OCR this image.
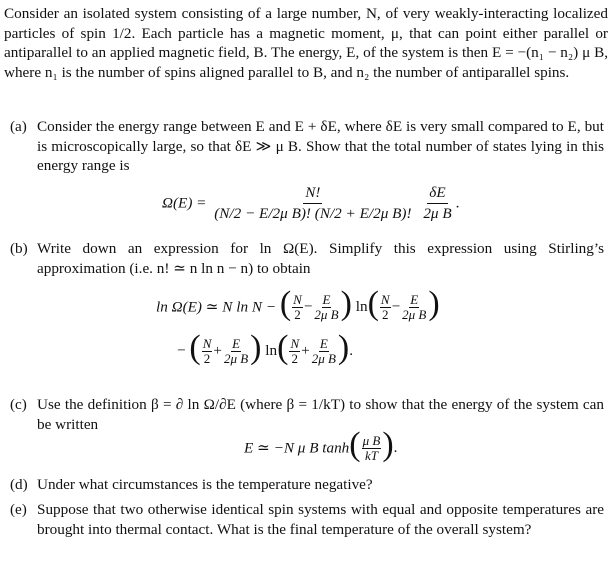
Consider an isolated system consisting of a large number, N, of very weakly-interacting localized particles of spin 1/2. Each particle has a magnetic moment, μ, that can point either parallel or antiparallel to an applied magnetic field, B. The energy, E, of the system is then E = −(n₁ − n₂) μ B, where n₁ is the number of spins aligned parallel to B, and n₂ the number of antiparallel spins.
(a) Consider the energy range between E and E + δE, where δE is very small compared to E, but is microscopically large, so that δE ≫ μ B. Show that the total number of states lying in this energy range is
$\Omega(E) = \frac{N!}{\text{(N/2 − E/2μ B)! (N/2 + E/2μ B)!}}$
$\frac{\delta E}{\text{2μ B}}$ .
(b) Write down an expression for ln Ω(E). Simplify this expression using Stirling’s approximation (i.e. n! ≃ n ln n − n) to obtain
ln Ω(E) ≃ N ln N − ( $\frac{N}{2} - \frac{E}{\text{2μ B}}$ ) $\ln( \frac{N}{2} - \frac{E}{\text{2μ B}}$ )
− ( $\frac{N}{2} + \frac{E}{\text{2μ B}}$ ) $\ln( \frac{N}{2} + \frac{E}{\text{2μ B}}$ ).
(c) Use the definition β = ∂ ln Ω/∂E (where β = 1/kT) to show that the energy of the system can be written
E ≃ −N μ B $\tanh( \frac{\text{μ B}}{kT}$ ).
(d) Under what circumstances is the temperature negative?
(e) Suppose that two otherwise identical spin systems with equal and opposite temperatures are brought into thermal contact. What is the final temperature of the overall system?
